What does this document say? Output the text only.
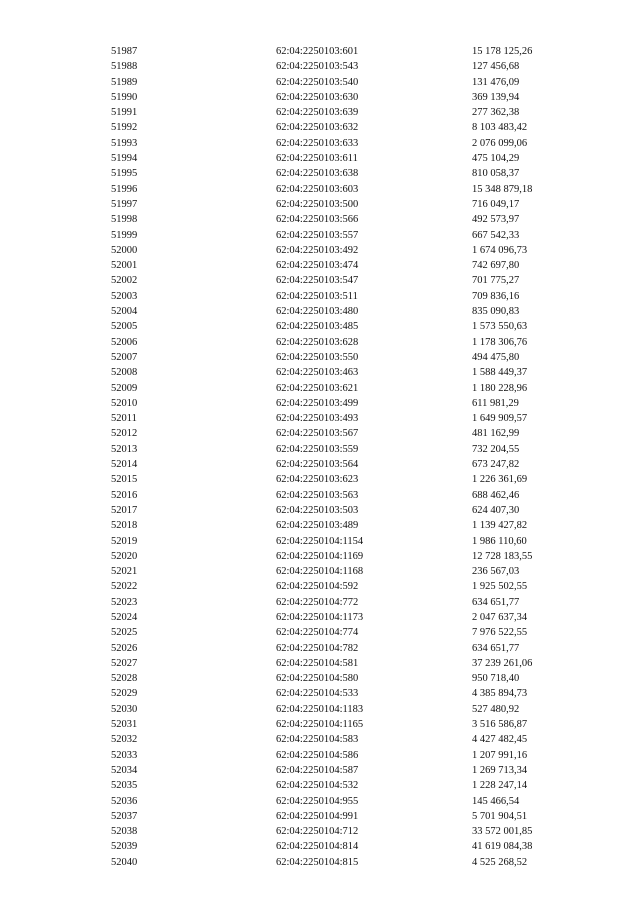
51987	62:04:2250103:601	15 178 125,26
51988	62:04:2250103:543	127 456,68
51989	62:04:2250103:540	131 476,09
51990	62:04:2250103:630	369 139,94
51991	62:04:2250103:639	277 362,38
51992	62:04:2250103:632	8 103 483,42
51993	62:04:2250103:633	2 076 099,06
51994	62:04:2250103:611	475 104,29
51995	62:04:2250103:638	810 058,37
51996	62:04:2250103:603	15 348 879,18
51997	62:04:2250103:500	716 049,17
51998	62:04:2250103:566	492 573,97
51999	62:04:2250103:557	667 542,33
52000	62:04:2250103:492	1 674 096,73
52001	62:04:2250103:474	742 697,80
52002	62:04:2250103:547	701 775,27
52003	62:04:2250103:511	709 836,16
52004	62:04:2250103:480	835 090,83
52005	62:04:2250103:485	1 573 550,63
52006	62:04:2250103:628	1 178 306,76
52007	62:04:2250103:550	494 475,80
52008	62:04:2250103:463	1 588 449,37
52009	62:04:2250103:621	1 180 228,96
52010	62:04:2250103:499	611 981,29
52011	62:04:2250103:493	1 649 909,57
52012	62:04:2250103:567	481 162,99
52013	62:04:2250103:559	732 204,55
52014	62:04:2250103:564	673 247,82
52015	62:04:2250103:623	1 226 361,69
52016	62:04:2250103:563	688 462,46
52017	62:04:2250103:503	624 407,30
52018	62:04:2250103:489	1 139 427,82
52019	62:04:2250104:1154	1 986 110,60
52020	62:04:2250104:1169	12 728 183,55
52021	62:04:2250104:1168	236 567,03
52022	62:04:2250104:592	1 925 502,55
52023	62:04:2250104:772	634 651,77
52024	62:04:2250104:1173	2 047 637,34
52025	62:04:2250104:774	7 976 522,55
52026	62:04:2250104:782	634 651,77
52027	62:04:2250104:581	37 239 261,06
52028	62:04:2250104:580	950 718,40
52029	62:04:2250104:533	4 385 894,73
52030	62:04:2250104:1183	527 480,92
52031	62:04:2250104:1165	3 516 586,87
52032	62:04:2250104:583	4 427 482,45
52033	62:04:2250104:586	1 207 991,16
52034	62:04:2250104:587	1 269 713,34
52035	62:04:2250104:532	1 228 247,14
52036	62:04:2250104:955	145 466,54
52037	62:04:2250104:991	5 701 904,51
52038	62:04:2250104:712	33 572 001,85
52039	62:04:2250104:814	41 619 084,38
52040	62:04:2250104:815	4 525 268,52
